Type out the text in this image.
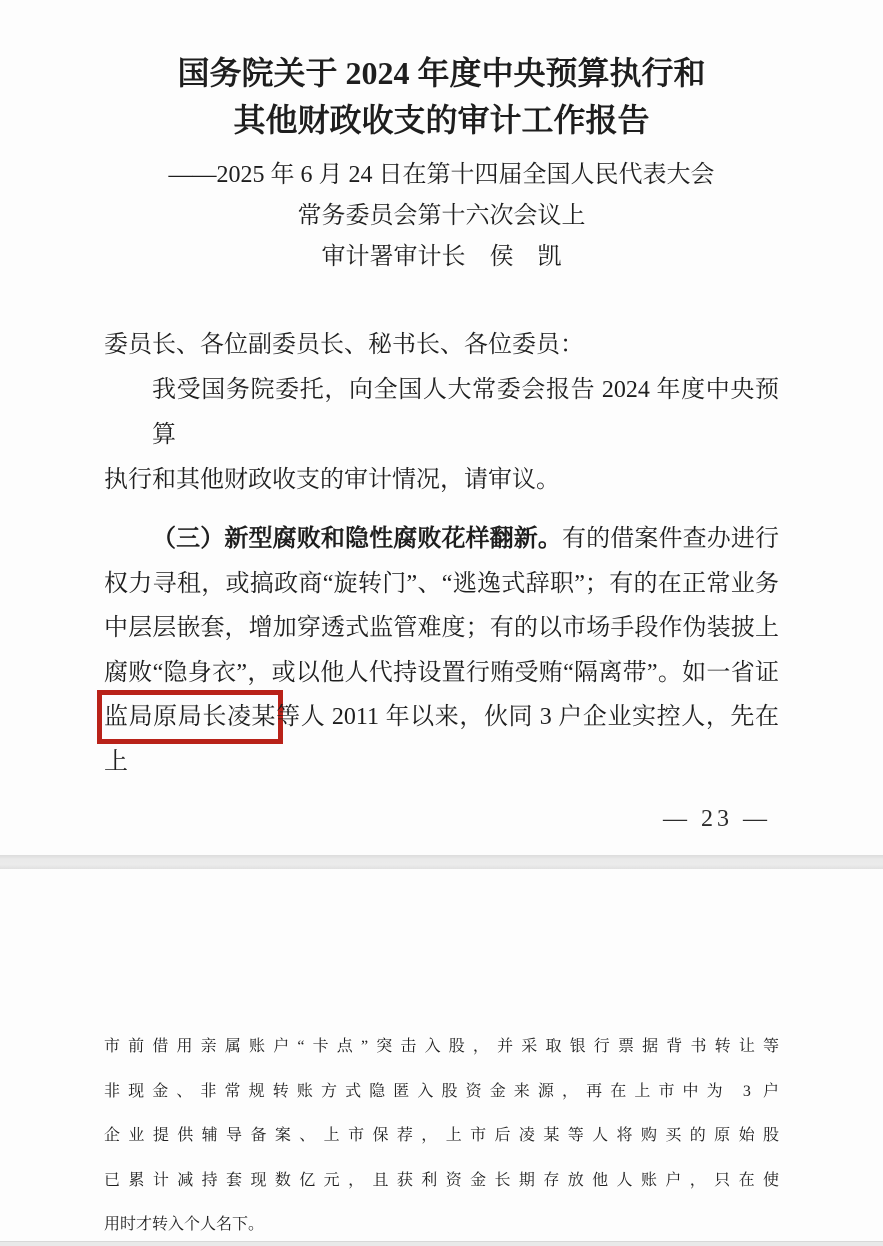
国务院关于 2024 年度中央预算执行和
其他财政收支的审计工作报告
——2025 年 6 月 24 日在第十四届全国人民代表大会
常务委员会第十六次会议上
审计署审计长　侯　凯
委员长、各位副委员长、秘书长、各位委员：
我受国务院委托，向全国人大常委会报告 2024 年度中央预算
执行和其他财政收支的审计情况，请审议。
（三）新型腐败和隐性腐败花样翻新。有的借案件查办进行
权力寻租，或搞政商“旋转门”、“逃逸式辞职”；有的在正常业务
中层层嵌套，增加穿透式监管难度；有的以市场手段作伪装披上
腐败“隐身衣”，或以他人代持设置行贿受贿“隔离带”。如一省证
监局原局长凌某等人 2011 年以来，伙同 3 户企业实控人，先在上
— 23 —
市前借用亲属账户“卡点”突击入股，并采取银行票据背书转让等
非现金、非常规转账方式隐匿入股资金来源，再在上市中为 3 户
企业提供辅导备案、上市保荐，上市后凌某等人将购买的原始股
已累计减持套现数亿元，且获利资金长期存放他人账户，只在使
用时才转入个人名下。
